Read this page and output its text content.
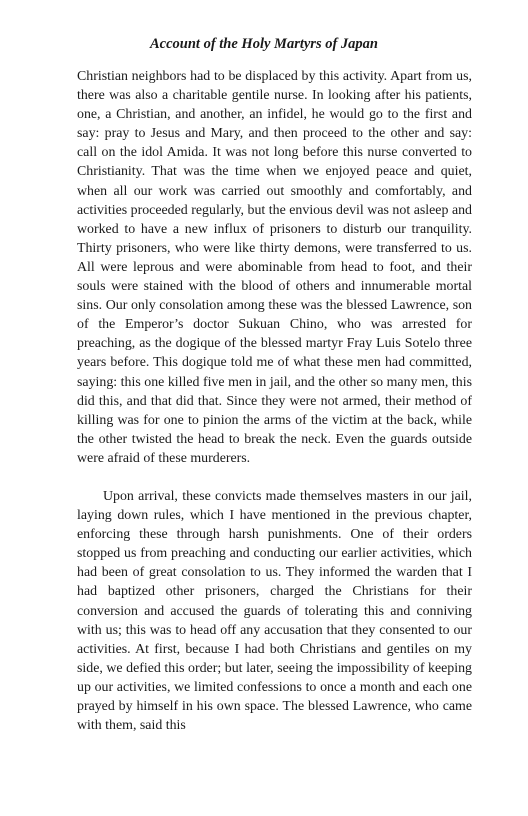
Account of the Holy Martyrs of Japan

Christian neighbors had to be displaced by this activity. Apart from us, there was also a charitable gentile nurse. In looking after his patients, one, a Christian, and another, an infidel, he would go to the first and say: pray to Jesus and Mary, and then proceed to the other and say: call on the idol Amida. It was not long before this nurse converted to Christianity. That was the time when we enjoyed peace and quiet, when all our work was carried out smoothly and comfortably, and activities proceeded regularly, but the envious devil was not asleep and worked to have a new influx of prisoners to disturb our tranquility. Thirty prisoners, who were like thirty demons, were transferred to us. All were leprous and were abominable from head to foot, and their souls were stained with the blood of others and innumerable mortal sins. Our only consolation among these was the blessed Lawrence, son of the Emperor’s doctor Sukuan Chino, who was arrested for preaching, as the dogique of the blessed martyr Fray Luis Sotelo three years before. This dogique told me of what these men had committed, saying: this one killed five men in jail, and the other so many men, this did this, and that did that. Since they were not armed, their method of killing was for one to pinion the arms of the victim at the back, while the other twisted the head to break the neck. Even the guards outside were afraid of these murderers.

Upon arrival, these convicts made themselves masters in our jail, laying down rules, which I have mentioned in the previous chapter, enforcing these through harsh punishments. One of their orders stopped us from preaching and conducting our earlier activities, which had been of great consolation to us. They informed the warden that I had baptized other prisoners, charged the Christians for their conversion and accused the guards of tolerating this and conniving with us; this was to head off any accusation that they consented to our activities. At first, because I had both Christians and gentiles on my side, we defied this order; but later, seeing the impossibility of keeping up our activities, we limited confessions to once a month and each one prayed by himself in his own space. The blessed Lawrence, who came with them, said this
